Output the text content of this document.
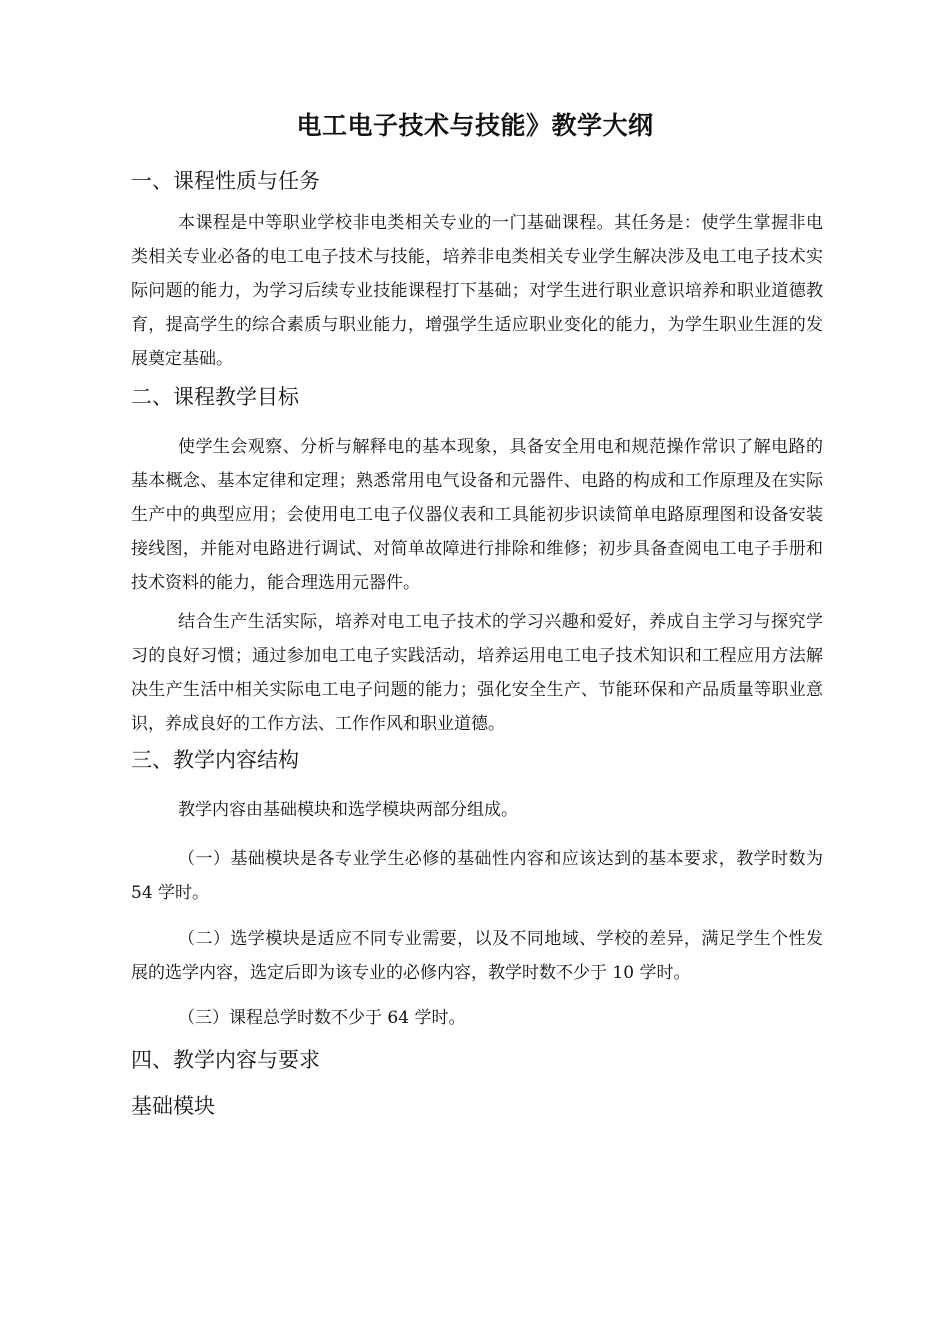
电工电子技术与技能》教学大纲
一、课程性质与任务

本课程是中等职业学校非电类相关专业的一门基础课程。其任务是：使学生掌握非电类相关专业必备的电工电子技术与技能，培养非电类相关专业学生解决涉及电工电子技术实际问题的能力，为学习后续专业技能课程打下基础；对学生进行职业意识培养和职业道德教育，提高学生的综合素质与职业能力，增强学生适应职业变化的能力，为学生职业生涯的发展奠定基础。

二、课程教学目标

使学生会观察、分析与解释电的基本现象，具备安全用电和规范操作常识了解电路的基本概念、基本定律和定理；熟悉常用电气设备和元器件、电路的构成和工作原理及在实际生产中的典型应用；会使用电工电子仪器仪表和工具能初步识读简单电路原理图和设备安装接线图，并能对电路进行调试、对简单故障进行排除和维修；初步具备查阅电工电子手册和技术资料的能力，能合理选用元器件。

结合生产生活实际，培养对电工电子技术的学习兴趣和爱好，养成自主学习与探究学习的良好习惯；通过参加电工电子实践活动，培养运用电工电子技术知识和工程应用方法解决生产生活中相关实际电工电子问题的能力；强化安全生产、节能环保和产品质量等职业意识，养成良好的工作方法、工作作风和职业道德。

三、教学内容结构

教学内容由基础模块和选学模块两部分组成。

（一）基础模块是各专业学生必修的基础性内容和应该达到的基本要求，教学时数为 54 学时。

（二）选学模块是适应不同专业需要，以及不同地域、学校的差异，满足学生个性发展的选学内容，选定后即为该专业的必修内容，教学时数不少于 10 学时。

（三）课程总学时数不少于 64 学时。

四、教学内容与要求
基础模块
